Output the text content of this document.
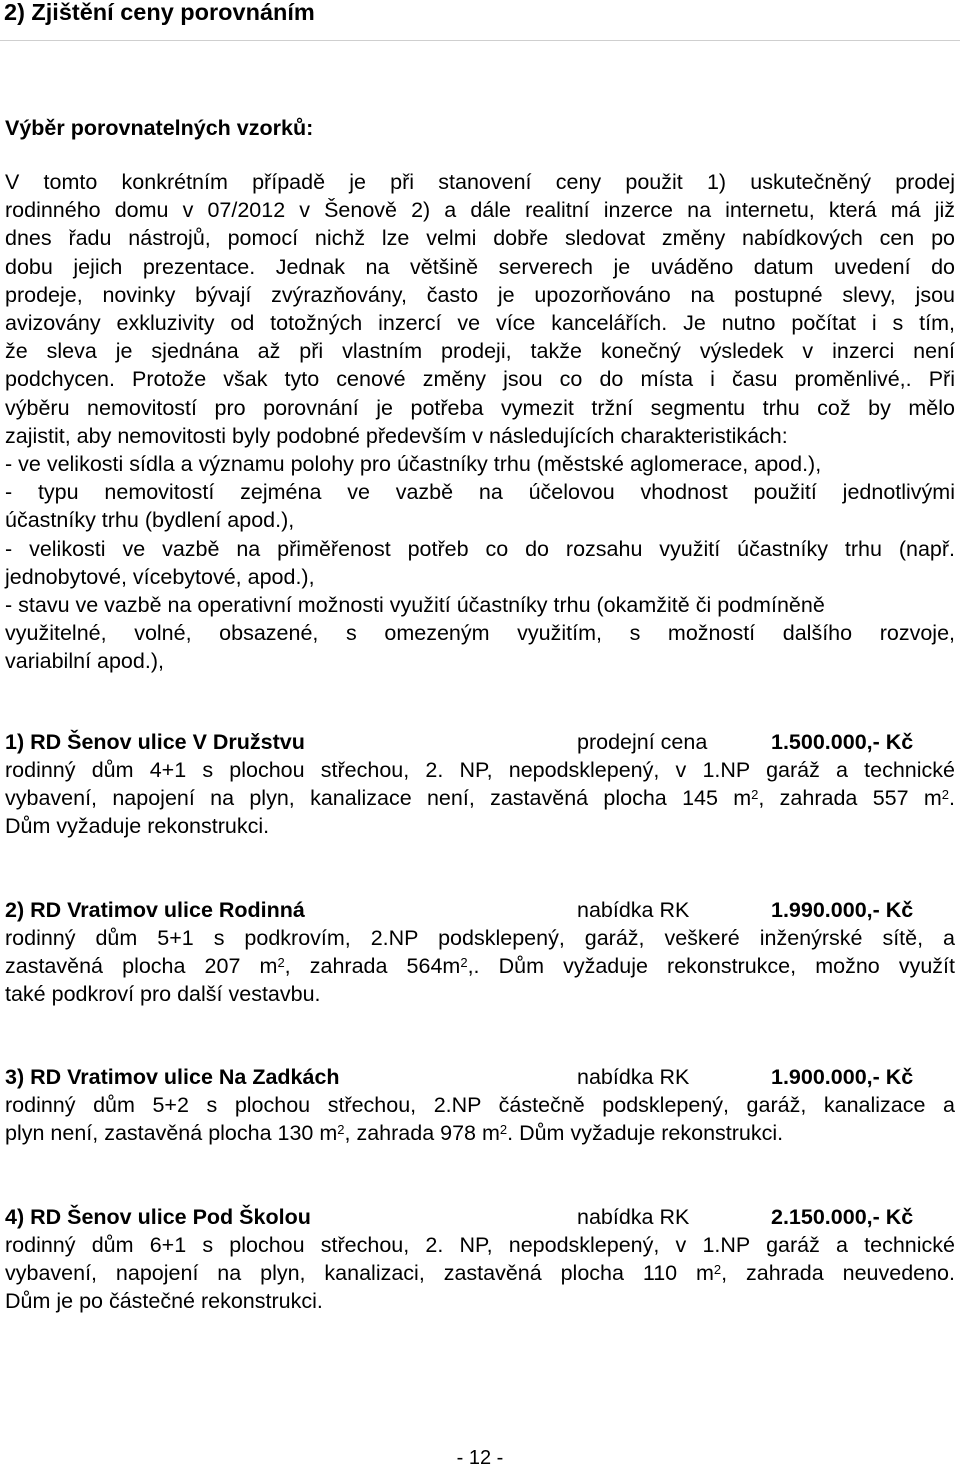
2) Zjištění ceny porovnáním
Výběr porovnatelných vzorků:
V tomto konkrétním případě je při stanovení ceny použit 1) uskutečněný prodej
rodinného domu v 07/2012 v Šenově 2) a dále realitní inzerce na internetu, která má již
dnes řadu nástrojů, pomocí nichž lze velmi dobře sledovat změny nabídkových cen po
dobu jejich prezentace. Jednak na většině serverech je uváděno datum uvedení do
prodeje, novinky bývají zvýrazňovány, často je upozorňováno na postupné slevy, jsou
avizovány exkluzivity od totožných inzercí ve více kancelářích. Je nutno počítat i s tím,
že sleva je sjednána až při vlastním prodeji, takže konečný výsledek v inzerci není
podchycen. Protože však tyto cenové změny jsou co do místa i času proměnlivé,. Při
výběru nemovitostí pro porovnání je potřeba vymezit tržní segmentu trhu což by mělo
zajistit, aby nemovitosti byly podobné především v následujících charakteristikách:
- ve velikosti sídla a významu polohy pro účastníky trhu (městské aglomerace, apod.),
- typu nemovitostí zejména ve vazbě na účelovou vhodnost použití jednotlivými
účastníky trhu (bydlení apod.),
- velikosti ve vazbě na přiměřenost potřeb co do rozsahu využití účastníky trhu (např.
jednobytové, vícebytové, apod.),
- stavu ve vazbě na operativní možnosti využití účastníky trhu (okamžitě či podmíněně
využitelné, volné, obsazené, s omezeným využitím, s možností dalšího rozvoje,
variabilní apod.),
1) RD Šenov ulice V Družstvu	prodejní cena	1.500.000,- Kč
rodinný dům 4+1 s plochou střechou, 2. NP, nepodsklepený, v 1.NP garáž a technické
vybavení, napojení na plyn, kanalizace není, zastavěná plocha 145 $m^2$, zahrada 557 $m^2$.
Dům vyžaduje rekonstrukci.
2) RD Vratimov ulice Rodinná	nabídka RK	1.990.000,- Kč
rodinný dům 5+1 s podkrovím, 2.NP podsklepený, garáž, veškeré inženýrské sítě, a
zastavěná plocha 207 $m^2$, zahrada $564m^2$,. Dům vyžaduje rekonstrukce, možno využít
také podkroví pro další vestavbu.
3) RD Vratimov ulice Na Zadkách	nabídka RK	1.900.000,- Kč
rodinný dům 5+2 s plochou střechou, 2.NP částečně podsklepený, garáž, kanalizace a
plyn není, zastavěná plocha 130 $m^2$, zahrada 978 $m^2$. Dům vyžaduje rekonstrukci.
4) RD Šenov ulice Pod Školou	nabídka RK	2.150.000,- Kč
rodinný dům 6+1 s plochou střechou, 2. NP, nepodsklepený, v 1.NP garáž a technické
vybavení, napojení na plyn, kanalizaci, zastavěná plocha 110 $m^2$, zahrada neuvedeno.
Dům je po částečné rekonstrukci.
- 12 -
